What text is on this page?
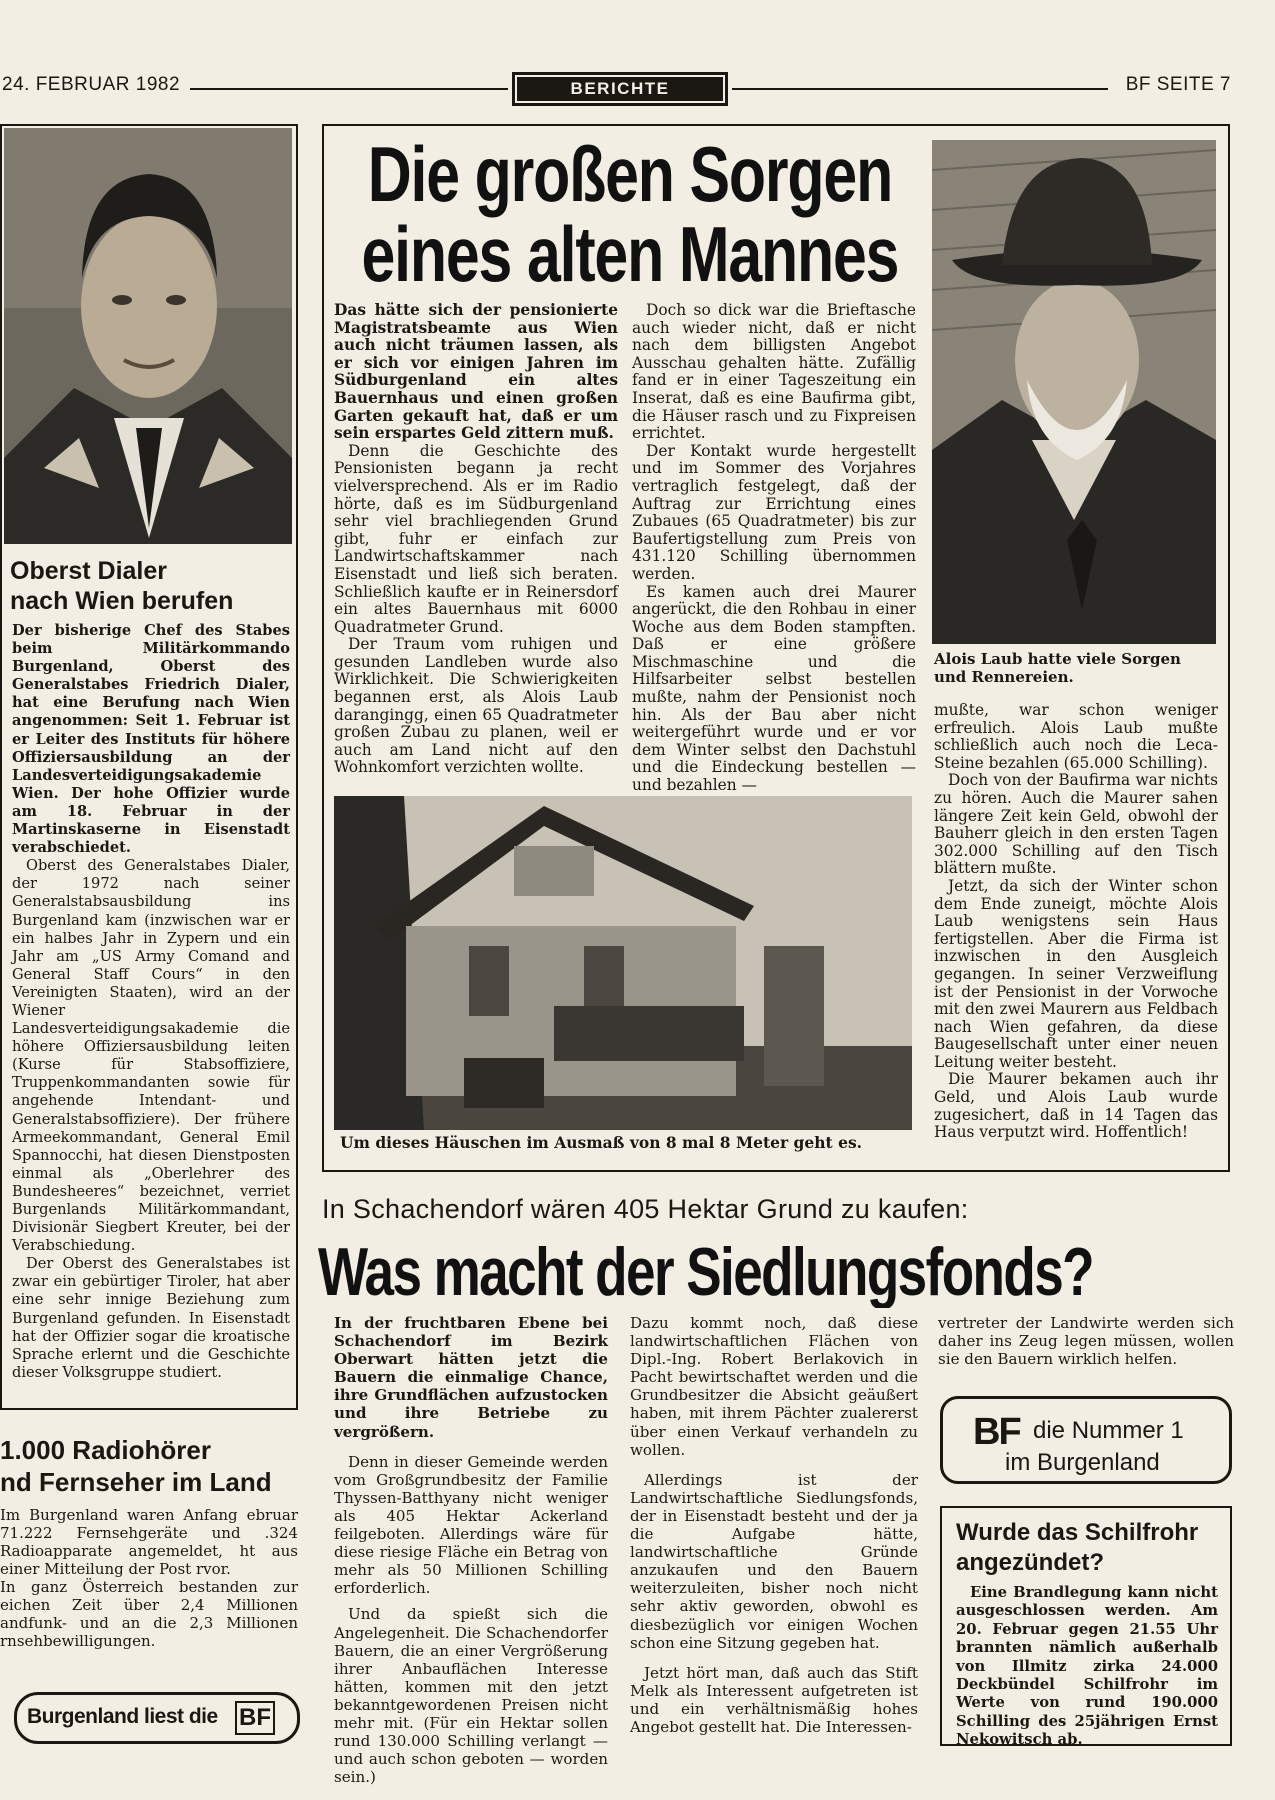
24. FEBRUAR 1982	BERICHTE	BF SEITE 7
Oberst Dialer
nach Wien berufen

Der bisherige Chef des Stabes beim Militärkommando Burgenland, Oberst des Generalstabes Friedrich Dialer, hat eine Berufung nach Wien angenommen: Seit 1. Februar ist er Leiter des Instituts für höhere Offiziersausbildung an der Landesverteidigungsakademie Wien. Der hohe Offizier wurde am 18. Februar in der Martinskaserne in Eisenstadt verabschiedet.

Oberst des Generalstabes Dialer, der 1972 nach seiner Generalstabsausbildung ins Burgenland kam (inzwischen war er ein halbes Jahr in Zypern und ein Jahr am „US Army Comand and General Staff Cours“ in den Vereinigten Staaten), wird an der Wiener Landesverteidigungsakademie die höhere Offiziersausbildung leiten (Kurse für Stabsoffiziere, Truppenkommandanten sowie für angehende Intendant- und Generalstabsoffiziere). Der frühere Armeekommandant, General Emil Spannocchi, hat diesen Dienstposten einmal als „Oberlehrer des Bundesheeres“ bezeichnet, verriet Burgenlands Militärkommandant, Divisionär Siegbert Kreuter, bei der Verabschiedung.

Der Oberst des Generalstabes ist zwar ein gebürtiger Tiroler, hat aber eine sehr innige Beziehung zum Burgenland gefunden. In Eisenstadt hat der Offizier sogar die kroatische Sprache erlernt und die Geschichte dieser Volksgruppe studiert.

1.000 Radiohörer
nd Fernseher im Land

Im Burgenland waren Anfang ebruar 71.222 Fernsehgeräte und .324 Radioapparate angemeldet, ht aus einer Mitteilung der Post rvor.

In ganz Österreich bestanden zur eichen Zeit über 2,4 Millionen andfunk- und an die 2,3 Millionen rnsehbewilligungen.

Burgenland liest die BF
Die großen Sorgen
eines alten Mannes
Alois Laub hatte viele Sorgen und Rennereien.

Das hätte sich der pensionierte Magistratsbeamte aus Wien auch nicht träumen lassen, als er sich vor einigen Jahren im Südburgenland ein altes Bauernhaus und einen großen Garten gekauft hat, daß er um sein erspartes Geld zittern muß.

Denn die Geschichte des Pensionisten begann ja recht vielversprechend. Als er im Radio hörte, daß es im Südburgenland sehr viel brachliegenden Grund gibt, fuhr er einfach zur Landwirtschaftskammer nach Eisenstadt und ließ sich beraten. Schließlich kaufte er in Reinersdorf ein altes Bauernhaus mit 6000 Quadratmeter Grund.

Der Traum vom ruhigen und gesunden Landleben wurde also Wirklichkeit. Die Schwierigkeiten begannen erst, als Alois Laub darangingg, einen 65 Quadratmeter großen Zubau zu planen, weil er auch am Land nicht auf den Wohnkomfort verzichten wollte.

Doch so dick war die Brieftasche auch wieder nicht, daß er nicht nach dem billigsten Angebot Ausschau gehalten hätte. Zufällig fand er in einer Tageszeitung ein Inserat, daß es eine Baufirma gibt, die Häuser rasch und zu Fixpreisen errichtet.

Der Kontakt wurde hergestellt und im Sommer des Vorjahres vertraglich festgelegt, daß der Auftrag zur Errichtung eines Zubaues (65 Quadratmeter) bis zur Baufertigstellung zum Preis von 431.120 Schilling übernommen werden.

Es kamen auch drei Maurer angerückt, die den Rohbau in einer Woche aus dem Boden stampften. Daß er eine größere Mischmaschine und die Hilfsarbeiter selbst bestellen mußte, nahm der Pensionist noch hin. Als der Bau aber nicht weitergeführt wurde und er vor dem Winter selbst den Dachstuhl und die Eindeckung bestellen — und bezahlen —

mußte, war schon weniger erfreulich. Alois Laub mußte schließlich auch noch die Leca-Steine bezahlen (65.000 Schilling).

Doch von der Baufirma war nichts zu hören. Auch die Maurer sahen längere Zeit kein Geld, obwohl der Bauherr gleich in den ersten Tagen 302.000 Schilling auf den Tisch blättern mußte.

Jetzt, da sich der Winter schon dem Ende zuneigt, möchte Alois Laub wenigstens sein Haus fertigstellen. Aber die Firma ist inzwischen in den Ausgleich gegangen. In seiner Verzweiflung ist der Pensionist in der Vorwoche mit den zwei Maurern aus Feldbach nach Wien gefahren, da diese Baugesellschaft unter einer neuen Leitung weiter besteht.

Die Maurer bekamen auch ihr Geld, und Alois Laub wurde zugesichert, daß in 14 Tagen das Haus verputzt wird. Hoffentlich!

Um dieses Häuschen im Ausmaß von 8 mal 8 Meter geht es.
In Schachendorf wären 405 Hektar Grund zu kaufen:
Was macht der Siedlungsfonds?

In der fruchtbaren Ebene bei Schachendorf im Bezirk Oberwart hätten jetzt die Bauern die einmalige Chance, ihre Grundflächen aufzustocken und ihre Betriebe zu vergrößern.

Denn in dieser Gemeinde werden vom Großgrundbesitz der Familie Thyssen-Batthyany nicht weniger als 405 Hektar Ackerland feilgeboten. Allerdings wäre für diese riesige Fläche ein Betrag von mehr als 50 Millionen Schilling erforderlich.

Und da spießt sich die Angelegenheit. Die Schachendorfer Bauern, die an einer Vergrößerung ihrer Anbauflächen Interesse hätten, kommen mit den jetzt bekanntgewordenen Preisen nicht mehr mit. (Für ein Hektar sollen rund 130.000 Schilling verlangt — und auch schon geboten — worden sein.)

Dazu kommt noch, daß diese landwirtschaftlichen Flächen von Dipl.-Ing. Robert Berlakovich in Pacht bewirtschaftet werden und die Grundbesitzer die Absicht geäußert haben, mit ihrem Pächter zualererst über einen Verkauf verhandeln zu wollen.

Allerdings ist der Landwirtschaftliche Siedlungsfonds, der in Eisenstadt besteht und der ja die Aufgabe hätte, landwirtschaftliche Gründe anzukaufen und den Bauern weiterzuleiten, bisher noch nicht sehr aktiv geworden, obwohl es diesbezüglich vor einigen Wochen schon eine Sitzung gegeben hat.

Jetzt hört man, daß auch das Stift Melk als Interessent aufgetreten ist und ein verhältnismäßig hohes Angebot gestellt hat. Die Interessen-

vertreter der Landwirte werden sich daher ins Zeug legen müssen, wollen sie den Bauern wirklich helfen.

BF die Nummer 1
im Burgenland
Wurde das Schilfrohr
angezündet?

Eine Brandlegung kann nicht ausgeschlossen werden. Am 20. Februar gegen 21.55 Uhr brannten nämlich außerhalb von Illmitz zirka 24.000 Deckbündel Schilfrohr im Werte von rund 190.000 Schilling des 25jährigen Ernst Nekowitsch ab.
